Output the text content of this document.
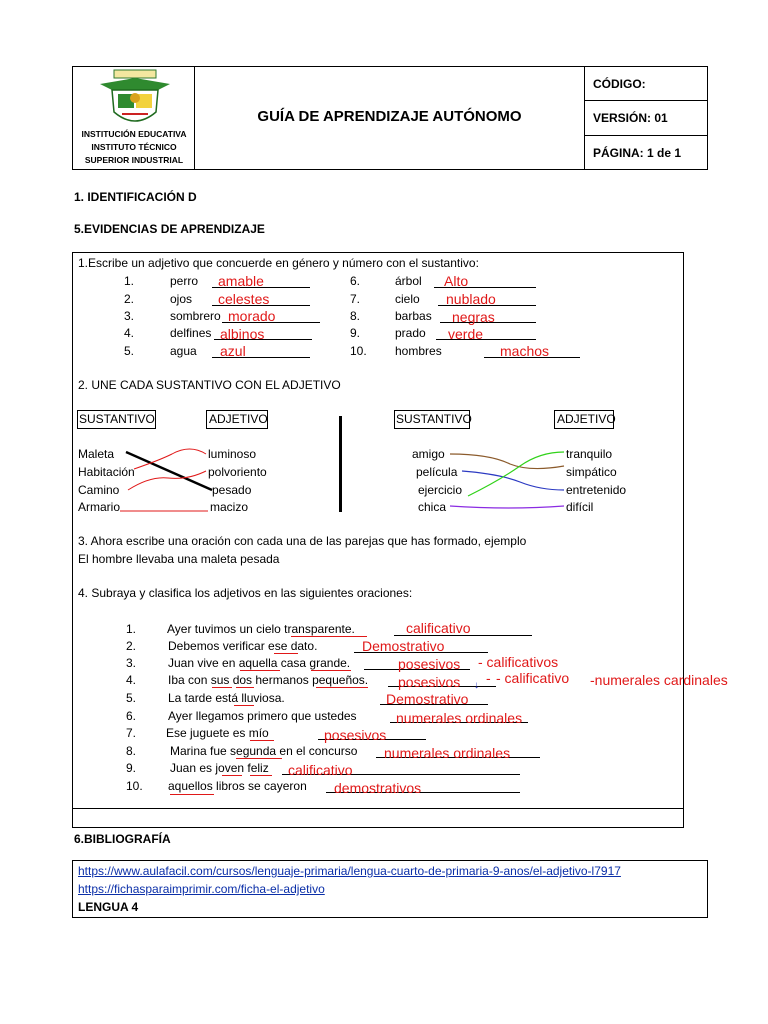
INSTITUCIÓN EDUCATIVA
INSTITUTO TÉCNICO
SUPERIOR INDUSTRIAL
GUÍA DE APRENDIZAJE AUTÓNOMO
CÓDIGO:
VERSIÓN: 01
PÁGINA: 1 de 1
1. IDENTIFICACIÓN D
5.EVIDENCIAS DE APRENDIZAJE
1.Escribe un adjetivo que concuerde en género y número con el sustantivo:
1.	perro amable
2.	ojos celestes
3.	sombrero morado
4.	delfines albinos
5.	agua azul
6.	árbol Alto
7.	cielo nublado
8.	barbas negras
9.	prado verde
10. hombres	machos
2. UNE CADA SUSTANTIVO CON EL ADJETIVO
SUSTANTIVO	ADJETIVO
Maleta
Habitación
Camino
Armario
luminoso
polvoriento
pesado
macizo
SUSTANTIVO	ADJETIVO
amigo
película
ejercicio
chica
tranquilo
simpático
entretenido
difícil
3. Ahora escribe una oración con cada una de las parejas que has formado, ejemplo
El hombre llevaba una maleta pesada
4. Subraya y clasifica los adjetivos en las siguientes oraciones:
1.	Ayer tuvimos un cielo transparente.	calificativo
2.	Debemos verificar ese dato.	Demostrativo
3.	Juan vive en aquella casa grande.	posesivos - calificativos
4.	Iba con sus dos hermanos pequeños. posesivos ↓ - - calificativo -numerales cardinales
5.	La tarde está lluviosa.	Demostrativo
6.	Ayer llegamos primero que ustedes	numerales ordinales
7. Ese juguete es mío	posesivos
8.	Marina fue segunda en el concurso numerales ordinales
9.	Juan es joven feliz calificativo
10. aquellos libros se cayeron demostrativos
6.BIBLIOGRAFÍA
https://www.aulafacil.com/cursos/lenguaje-primaria/lengua-cuarto-de-primaria-9-anos/el-adjetivo-l7917
https://fichasparaimprimir.com/ficha-el-adjetivo
LENGUA 4
